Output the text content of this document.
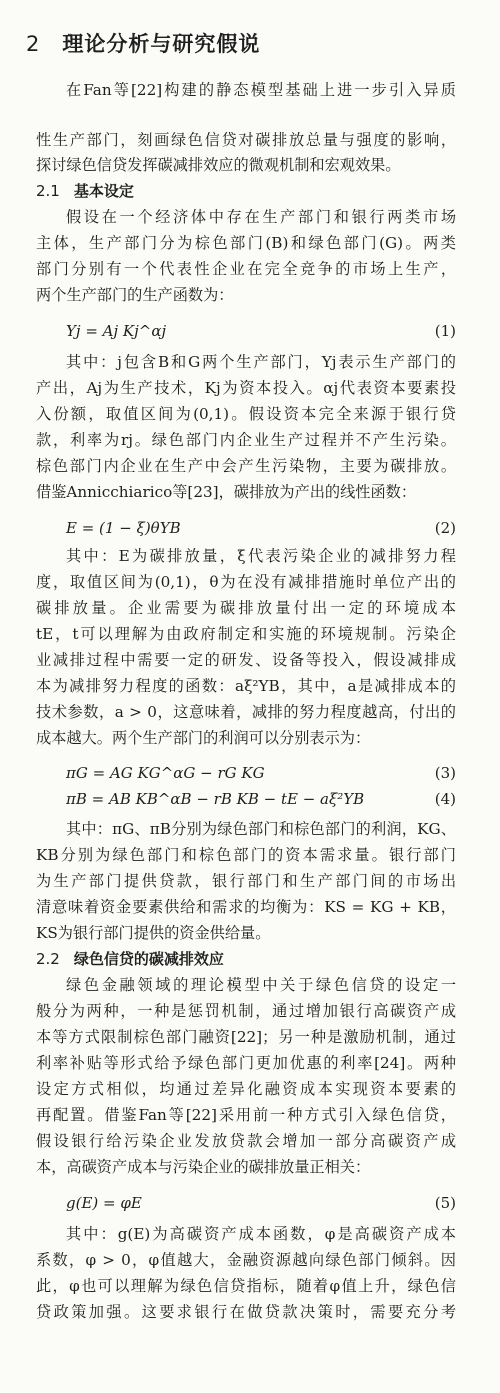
2 理论分析与研究假说
在Fan等[22]构建的静态模型基础上进一步引入异质
性生产部门，刻画绿色信贷对碳排放总量与强度的影响，
探讨绿色信贷发挥碳减排效应的微观机制和宏观效果。
2.1 基本设定
假设在一个经济体中存在生产部门和银行两类市场
主体，生产部门分为棕色部门(B)和绿色部门(G)。两类
部门分别有一个代表性企业在完全竞争的市场上生产，
两个生产部门的生产函数为：
Yj = Aj Kj^αj	(1)
其中：j包含B和G两个生产部门，Yj表示生产部门的
产出，Aj为生产技术，Kj为资本投入。αj代表资本要素投
入份额，取值区间为(0,1)。假设资本完全来源于银行贷
款，利率为rj。绿色部门内企业生产过程并不产生污染。
棕色部门内企业在生产中会产生污染物，主要为碳排放。
借鉴Annicchiarico等[23]，碳排放为产出的线性函数：
E = (1 − ξ)θYB	(2)
其中：E为碳排放量，ξ代表污染企业的减排努力程
度，取值区间为(0,1)，θ为在没有减排措施时单位产出的
碳排放量。企业需要为碳排放量付出一定的环境成本
tE，t可以理解为由政府制定和实施的环境规制。污染企
业减排过程中需要一定的研发、设备等投入，假设减排成
本为减排努力程度的函数：aξ²YB，其中，a是减排成本的
技术参数，a > 0，这意味着，减排的努力程度越高，付出的
成本越大。两个生产部门的利润可以分别表示为：
πG = AG KG^αG − rG KG	(3)
πB = AB KB^αB − rB KB − tE − aξ²YB	(4)
其中：πG、πB分别为绿色部门和棕色部门的利润，KG、
KB分别为绿色部门和棕色部门的资本需求量。银行部门
为生产部门提供贷款，银行部门和生产部门间的市场出
清意味着资金要素供给和需求的均衡为：KS = KG + KB，
KS为银行部门提供的资金供给量。
2.2 绿色信贷的碳减排效应
绿色金融领域的理论模型中关于绿色信贷的设定一
般分为两种，一种是惩罚机制，通过增加银行高碳资产成
本等方式限制棕色部门融资[22]；另一种是激励机制，通过
利率补贴等形式给予绿色部门更加优惠的利率[24]。两种
设定方式相似，均通过差异化融资成本实现资本要素的
再配置。借鉴Fan等[22]采用前一种方式引入绿色信贷，
假设银行给污染企业发放贷款会增加一部分高碳资产成
本，高碳资产成本与污染企业的碳排放量正相关：
g(E) = φE	(5)
其中：g(E)为高碳资产成本函数，φ是高碳资产成本
系数，φ > 0，φ值越大，金融资源越向绿色部门倾斜。因
此，φ也可以理解为绿色信贷指标，随着φ值上升，绿色信
贷政策加强。这要求银行在做贷款决策时，需要充分考
